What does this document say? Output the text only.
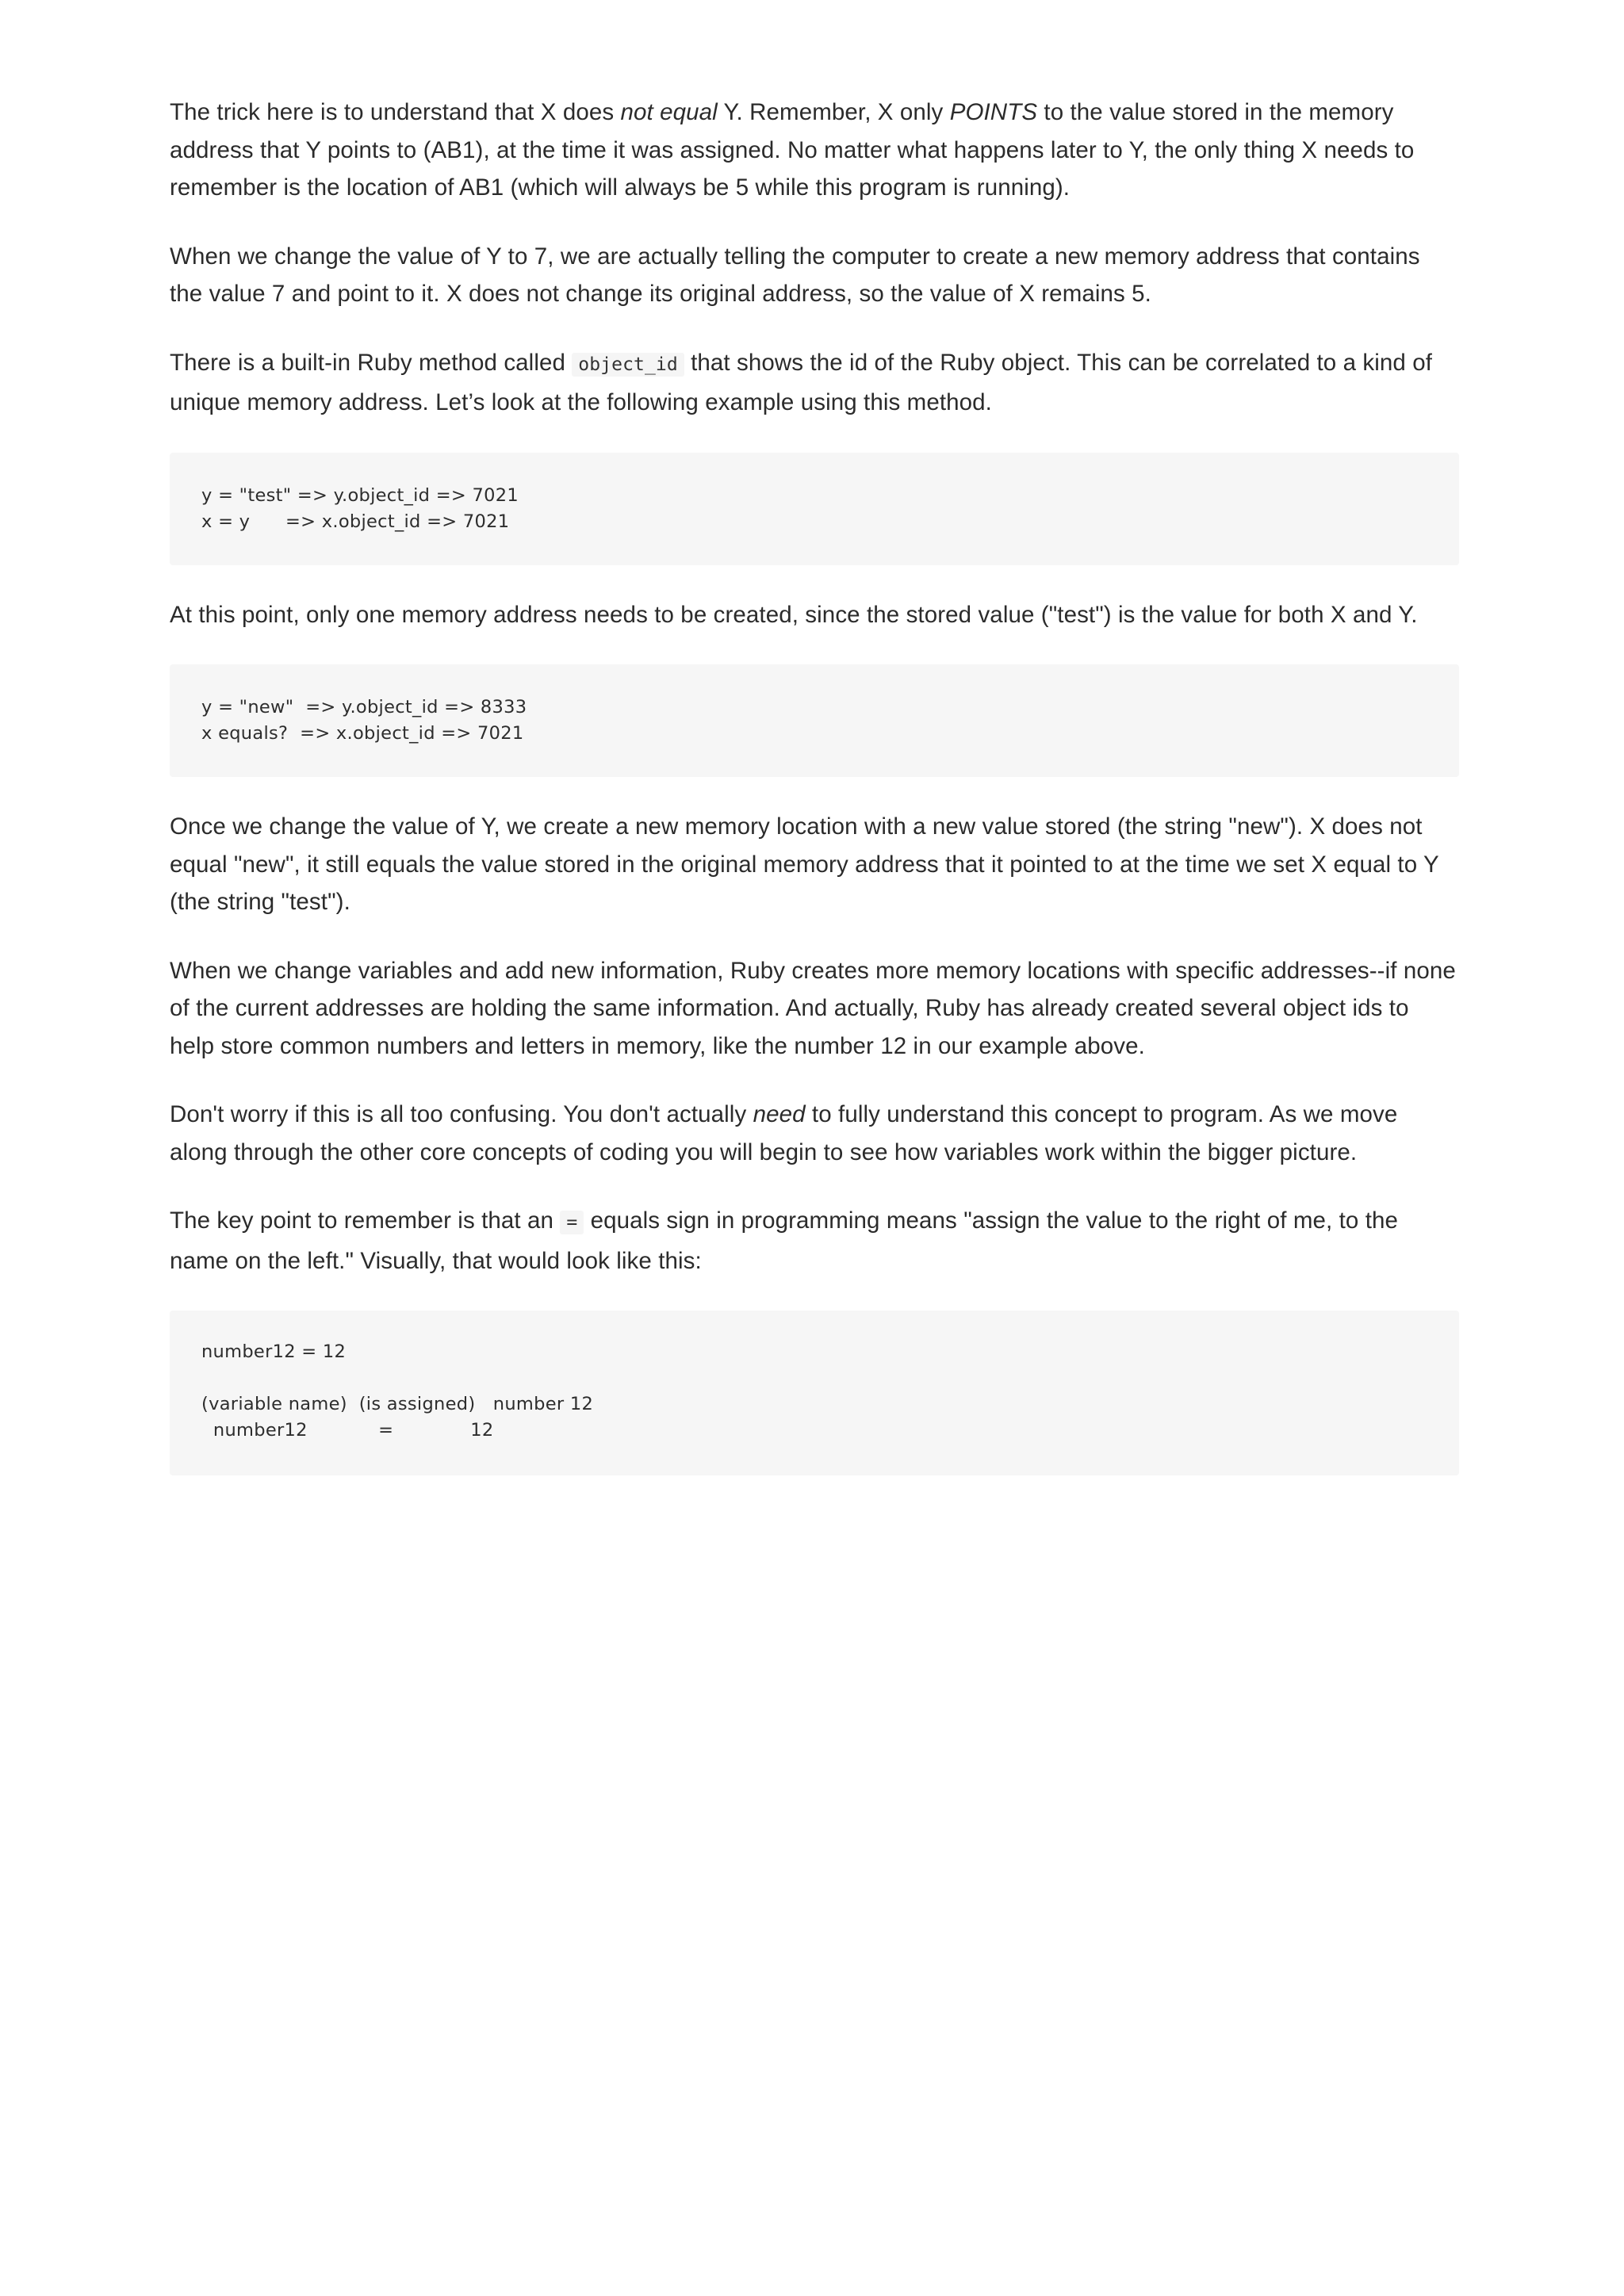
The trick here is to understand that X does not equal Y. Remember, X only POINTS to the value stored in the memory address that Y points to (AB1), at the time it was assigned. No matter what happens later to Y, the only thing X needs to remember is the location of AB1 (which will always be 5 while this program is running).

When we change the value of Y to 7, we are actually telling the computer to create a new memory address that contains the value 7 and point to it. X does not change its original address, so the value of X remains 5.

There is a built-in Ruby method called object_id that shows the id of the Ruby object. This can be correlated to a kind of unique memory address. Let’s look at the following example using this method.

y = "test" => y.object_id => 7021
x = y      => x.object_id => 7021

At this point, only one memory address needs to be created, since the stored value ("test") is the value for both X and Y.

y = "new"  => y.object_id => 8333
x equals?  => x.object_id => 7021

Once we change the value of Y, we create a new memory location with a new value stored (the string "new"). X does not equal "new", it still equals the value stored in the original memory address that it pointed to at the time we set X equal to Y (the string "test").

When we change variables and add new information, Ruby creates more memory locations with specific addresses--if none of the current addresses are holding the same information. And actually, Ruby has already created several object ids to help store common numbers and letters in memory, like the number 12 in our example above.

Don't worry if this is all too confusing. You don't actually need to fully understand this concept to program. As we move along through the other core concepts of coding you will begin to see how variables work within the bigger picture.

The key point to remember is that an = equals sign in programming means "assign the value to the right of me, to the name on the left." Visually, that would look like this:

number12 = 12
(variable name)  (is assigned)   number 12
number12            =             12
